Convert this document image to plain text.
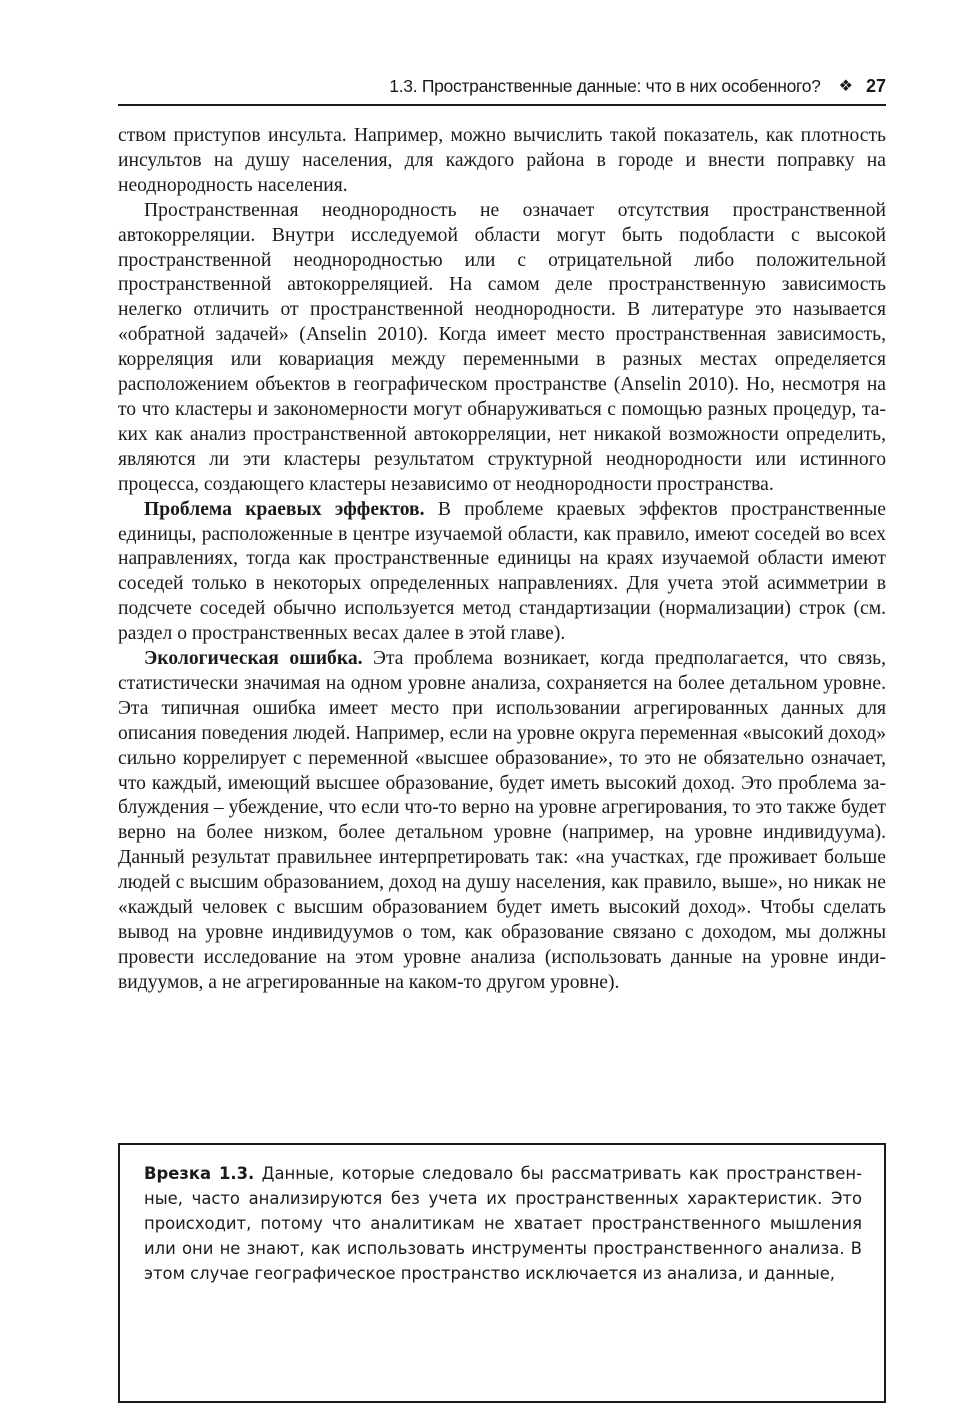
1.3. Пространственные данные: что в них особенного? ❖ 27

ством приступов инсульта. Например, можно вычислить такой показатель, как плотность инсультов на душу населения, для каждого района в городе и внести поправку на неоднородность населения.

Пространственная неоднородность не означает отсутствия пространственной автокорреляции. Внутри исследуемой области могут быть подобласти с высокой пространственной неоднородностью или с отрицательной либо положительной пространственной автокорреляцией. На самом деле пространственную зависимость нелегко отличить от пространственной неоднородности. В литературе это называется «обратной задачей» (Anselin 2010). Когда имеет место пространственная зависимость, корреляция или ковариация между переменными в разных местах определяется расположением объектов в географическом пространстве (Anselin 2010). Но, несмотря на то что кластеры и закономерности могут обнаруживаться с помощью разных процедур, таких как анализ пространственной автокорреляции, нет никакой возможности определить, являются ли эти кластеры результатом структурной неоднородности или истинного процесса, создающего кластеры независимо от неоднородности пространства.

Проблема краевых эффектов. В проблеме краевых эффектов пространственные единицы, расположенные в центре изучаемой области, как правило, имеют соседей во всех направлениях, тогда как пространственные единицы на краях изучаемой области имеют соседей только в некоторых определенных направлениях. Для учета этой асимметрии в подсчете соседей обычно используется метод стандартизации (нормализации) строк (см. раздел о пространственных весах далее в этой главе).

Экологическая ошибка. Эта проблема возникает, когда предполагается, что связь, статистически значимая на одном уровне анализа, сохраняется на более детальном уровне. Эта типичная ошибка имеет место при использовании агрегированных данных для описания поведения людей. Например, если на уровне округа переменная «высокий доход» сильно коррелирует с переменной «высшее образование», то это не обязательно означает, что каждый, имеющий высшее образование, будет иметь высокий доход. Это проблема заблуждения – убеждение, что если что-то верно на уровне агрегирования, то это также будет верно на более низком, более детальном уровне (например, на уровне индивидуума). Данный результат правильнее интерпретировать так: «на участках, где проживает больше людей с высшим образованием, доход на душу населения, как правило, выше», но никак не «каждый человек с высшим образованием будет иметь высокий доход». Чтобы сделать вывод на уровне индивидуумов о том, как образование связано с доходом, мы должны провести исследование на этом уровне анализа (использовать данные на уровне индивидуумов, а не агрегированные на каком-то другом уровне).

Врезка 1.3. Данные, которые следовало бы рассматривать как пространственные, часто анализируются без учета их пространственных характеристик. Это происходит, потому что аналитикам не хватает пространственного мышления или они не знают, как использовать инструменты пространственного анализа. В этом случае географическое пространство исключается из анализа, и данные,
